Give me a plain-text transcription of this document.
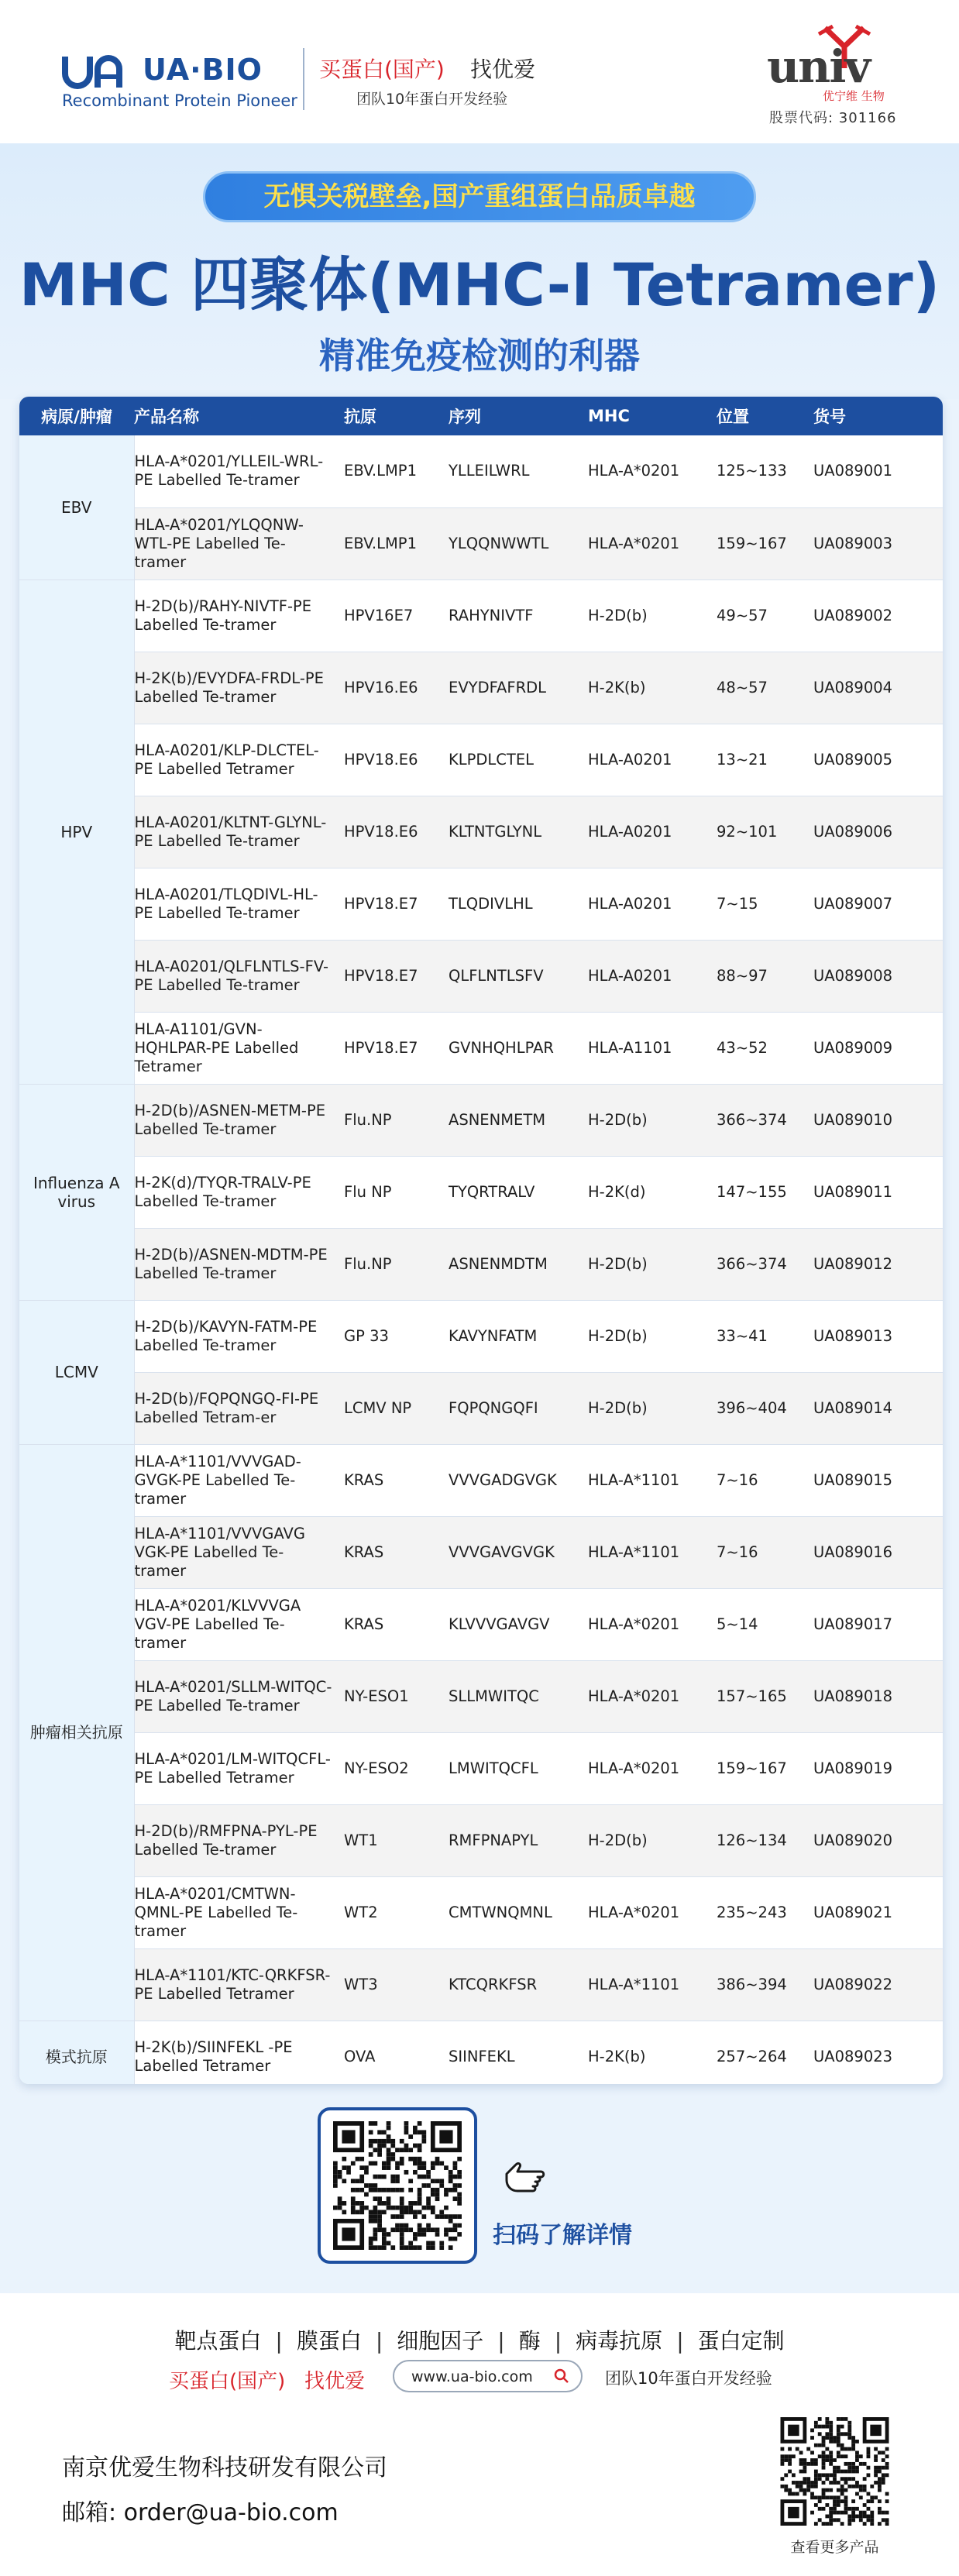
UA·BIO
Recombinant Protein Pioneer
买蛋白(国产) 找优爱
团队10年蛋白开发经验
univ
优宁维 生物
股票代码: 301166
无惧关税壁垒,国产重组蛋白品质卓越
MHC 四聚体(MHC-I Tetramer)
精准免疫检测的利器
病原/肿瘤	产品名称	抗原	序列	MHC	位置	货号
EBV	HLA-A*0201/YLLEIL-WRL-PE Labelled Te-tramer	EBV.LMP1	YLLEILWRL	HLA-A*0201	125~133	UA089001
	HLA-A*0201/YLQQNW-WTL-PE Labelled Te-tramer	EBV.LMP1	YLQQNWWTL	HLA-A*0201	159~167	UA089003
HPV	H-2D(b)/RAHY-NIVTF-PE Labelled Te-tramer	HPV16E7	RAHYNIVTF	H-2D(b)	49~57	UA089002
	H-2K(b)/EVYDFA-FRDL-PE Labelled Te-tramer	HPV16.E6	EVYDFAFRDL	H-2K(b)	48~57	UA089004
	HLA-A0201/KLP-DLCTEL-PE Labelled Tetramer	HPV18.E6	KLPDLCTEL	HLA-A0201	13~21	UA089005
	HLA-A0201/KLTNT-GLYNL-PE Labelled Te-tramer	HPV18.E6	KLTNTGLYNL	HLA-A0201	92~101	UA089006
	HLA-A0201/TLQDIVL-HL-PE Labelled Te-tramer	HPV18.E7	TLQDIVLHL	HLA-A0201	7~15	UA089007
	HLA-A0201/QLFLNTLS-FV-PE Labelled Te-tramer	HPV18.E7	QLFLNTLSFV	HLA-A0201	88~97	UA089008
	HLA-A1101/GVN-HQHLPAR-PE Labelled Tetramer	HPV18.E7	GVNHQHLPAR	HLA-A1101	43~52	UA089009
Influenza A virus	H-2D(b)/ASNEN-METM-PE Labelled Te-tramer	Flu.NP	ASNENMETM	H-2D(b)	366~374	UA089010
	H-2K(d)/TYQR-TRALV-PE Labelled Te-tramer	Flu NP	TYQRTRALV	H-2K(d)	147~155	UA089011
	H-2D(b)/ASNEN-MDTM-PE Labelled Te-tramer	Flu.NP	ASNENMDTM	H-2D(b)	366~374	UA089012
LCMV	H-2D(b)/KAVYN-FATM-PE Labelled Te-tramer	GP 33	KAVYNFATM	H-2D(b)	33~41	UA089013
	H-2D(b)/FQPQNGQ-FI-PE Labelled Tetram-er	LCMV NP	FQPQNGQFI	H-2D(b)	396~404	UA089014
肿瘤相关抗原	HLA-A*1101/VVVGAD-GVGK-PE Labelled Te-tramer	KRAS	VVVGADGVGK	HLA-A*1101	7~16	UA089015
	HLA-A*1101/VVVGAVG VGK-PE Labelled Te-tramer	KRAS	VVVGAVGVGK	HLA-A*1101	7~16	UA089016
	HLA-A*0201/KLVVVGA VGV-PE Labelled Te-tramer	KRAS	KLVVVGAVGV	HLA-A*0201	5~14	UA089017
	HLA-A*0201/SLLM-WITQC-PE Labelled Te-tramer	NY-ESO1	SLLMWITQC	HLA-A*0201	157~165	UA089018
	HLA-A*0201/LM-WITQCFL-PE Labelled Tetramer	NY-ESO2	LMWITQCFL	HLA-A*0201	159~167	UA089019
	H-2D(b)/RMFPNA-PYL-PE Labelled Te-tramer	WT1	RMFPNAPYL	H-2D(b)	126~134	UA089020
	HLA-A*0201/CMTWN-QMNL-PE Labelled Te-tramer	WT2	CMTWNQMNL	HLA-A*0201	235~243	UA089021
	HLA-A*1101/KTC-QRKFSR-PE Labelled Tetramer	WT3	KTCQRKFSR	HLA-A*1101	386~394	UA089022
模式抗原	H-2K(b)/SIINFEKL -PE Labelled Tetramer	OVA	SIINFEKL	H-2K(b)	257~264	UA089023
扫码了解详情
靶点蛋白 | 膜蛋白 | 细胞因子 | 酶 | 病毒抗原 | 蛋白定制
买蛋白(国产) 找优爱	www.ua-bio.com	团队10年蛋白开发经验
南京优爱生物科技研发有限公司
邮箱: order@ua-bio.com
查看更多产品
